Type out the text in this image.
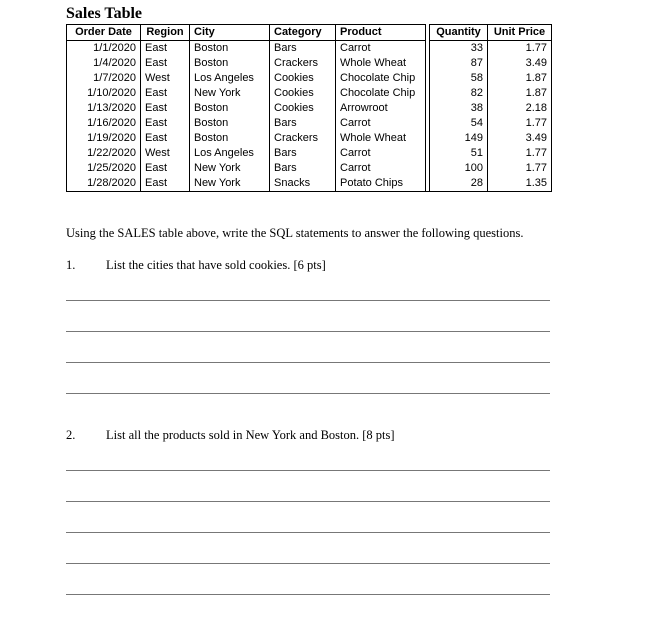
Sales Table
Order Date	Region	City	Category	Product		Quantity	Unit Price
1/1/2020	East	Boston	Bars	Carrot		33	1.77
1/4/2020	East	Boston	Crackers	Whole Wheat		87	3.49
1/7/2020	West	Los Angeles	Cookies	Chocolate Chip		58	1.87
1/10/2020	East	New York	Cookies	Chocolate Chip		82	1.87
1/13/2020	East	Boston	Cookies	Arrowroot		38	2.18
1/16/2020	East	Boston	Bars	Carrot		54	1.77
1/19/2020	East	Boston	Crackers	Whole Wheat		149	3.49
1/22/2020	West	Los Angeles	Bars	Carrot		51	1.77
1/25/2020	East	New York	Bars	Carrot		100	1.77
1/28/2020	East	New York	Snacks	Potato Chips		28	1.35

Using the SALES table above, write the SQL statements to answer the following questions.

1. List the cities that have sold cookies. [6 pts]

2. List all the products sold in New York and Boston. [8 pts]
